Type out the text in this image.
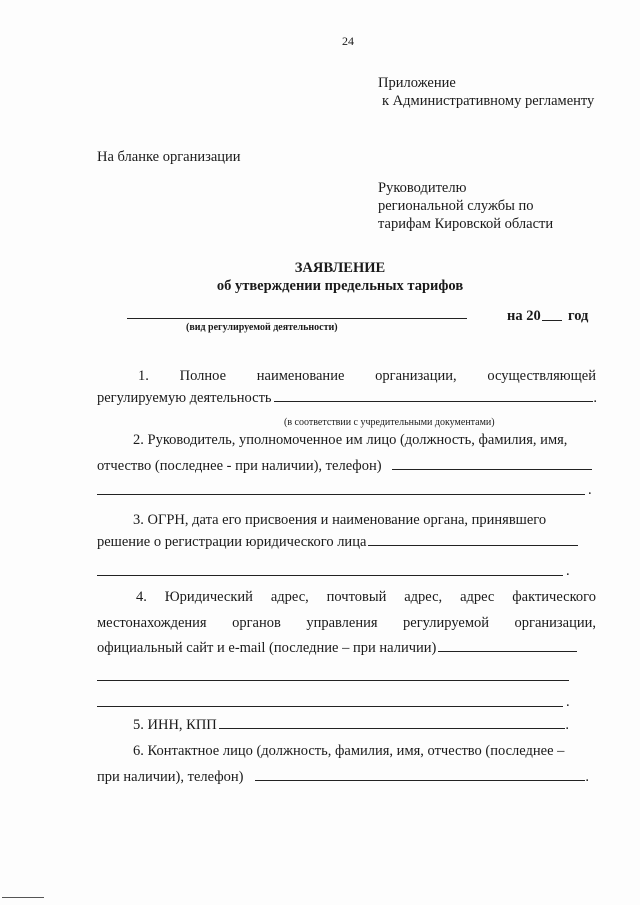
24
Приложение
к Административному регламенту
На бланке организации
Руководителю
региональной службы по
тарифам Кировской области
ЗАЯВЛЕНИЕ
об утверждении предельных тарифов
на 20 год
(вид регулируемой деятельности)
1. Полное наименование организации, осуществляющей
регулируемую деятельность	.
(в соответствии с учредительными документами)
2. Руководитель, уполномоченное им лицо (должность, фамилия, имя,
отчество (последнее - при наличии), телефон)
.
3. ОГРН, дата его присвоения и наименование органа, принявшего
решение о регистрации юридического лица
.
4. Юридический адрес, почтовый адрес, адрес фактического
местонахождения органов управления регулируемой организации,
официальный сайт и e-mail (последние – при наличии)
.
5. ИНН, КПП	.
6. Контактное лицо (должность, фамилия, имя, отчество (последнее –
при наличии), телефон)	.
